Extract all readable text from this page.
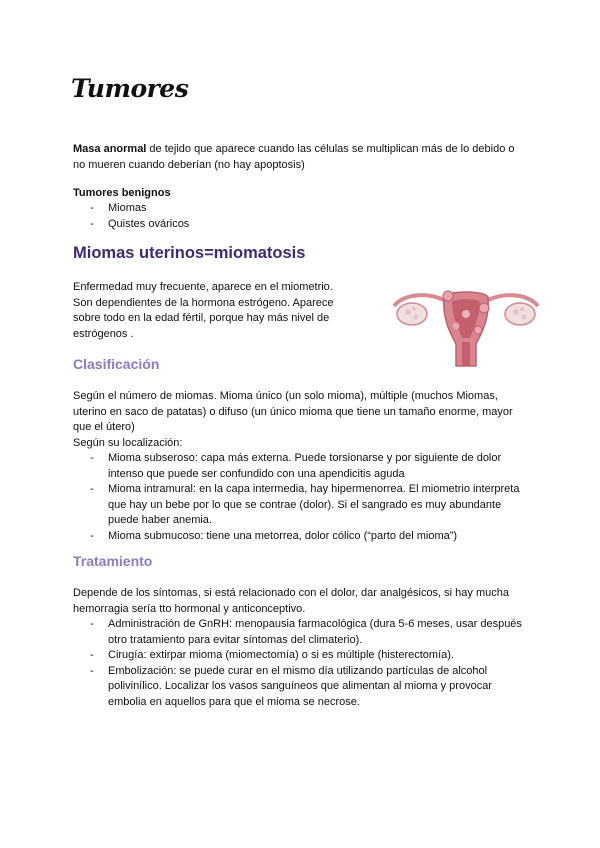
Tumores

Masa anormal de tejido que aparece cuando las células se multiplican más de lo debido o
no mueren cuando deberían (no hay apoptosis)

Tumores benignos

- Miomas
- Quistes ováricos
Miomas uterinos=miomatosis

Enfermedad muy frecuente, aparece en el miometrio.
Son dependientes de la hormona estrógeno. Aparece
sobre todo en la edad fértil, porque hay más nivel de
estrógenos .

Clasificación

Según el número de miomas. Mioma único (un solo mioma), múltiple (muchos Miomas,
uterino en saco de patatas) o difuso (un único mioma que tiene un tamaño enorme, mayor
que el útero)
Según su localización:

- Mioma subseroso: capa más externa. Puede torsionarse y por siguiente de dolor
intenso que puede ser confundido con una apendicitis aguda
- Mioma intramural: en la capa intermedia, hay hipermenorrea. El miometrio interpreta
que hay un bebe por lo que se contrae (dolor). Si el sangrado es muy abundante
puede haber anemia.
- Mioma submucoso: tiene una metorrea, dolor cólico (“parto del mioma”)
Tratamiento

Depende de los síntomas, si está relacionado con el dolor, dar analgésicos, si hay mucha
hemorragia sería tto hormonal y anticonceptivo.

- Administración de GnRH: menopausia farmacológica (dura 5-6 meses, usar después
otro tratamiento para evitar síntomas del climaterio).
- Cirugía: extirpar mioma (miomectomía) o si es múltiple (histerectomía).
- Embolización: se puede curar en el mismo día utilizando partículas de alcohol
polivinílico. Localizar los vasos sanguíneos que alimentan al mioma y provocar
embolia en aquellos para que el mioma se necrose.
